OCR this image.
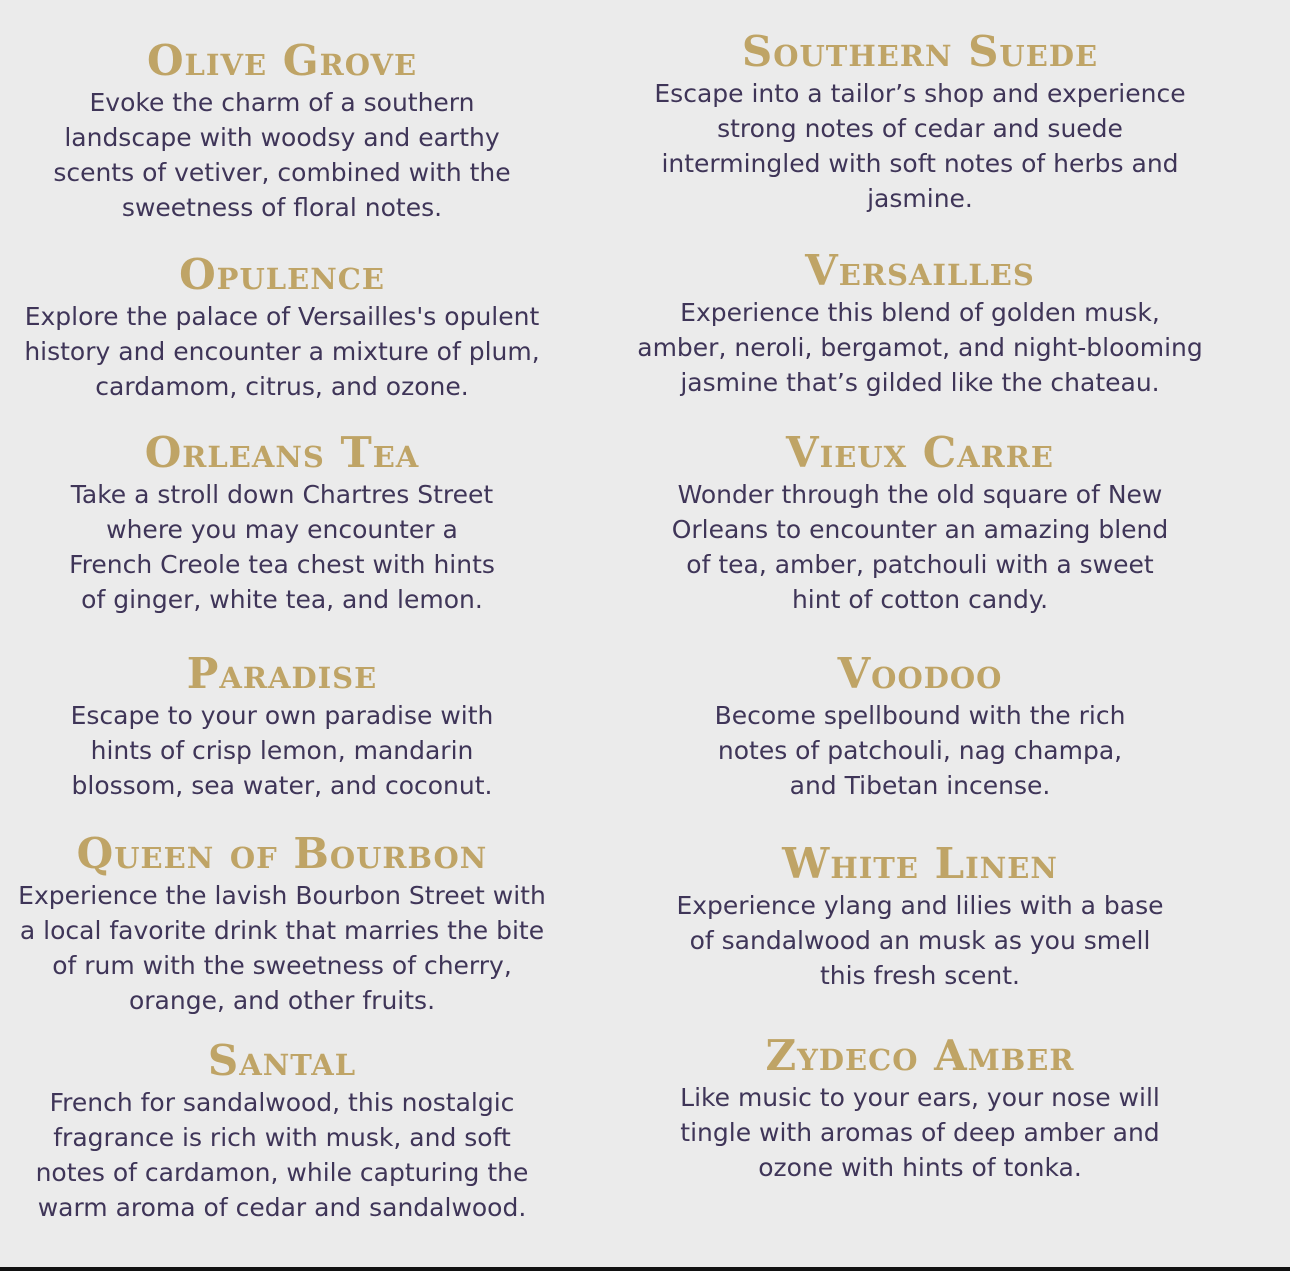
Olive Grove
Evoke the charm of a southern
landscape with woodsy and earthy
scents of vetiver, combined with the
sweetness of floral notes.
Opulence
Explore the palace of Versailles's opulent
history and encounter a mixture of plum,
cardamom, citrus, and ozone.
Orleans Tea
Take a stroll down Chartres Street
where you may encounter a
French Creole tea chest with hints
of ginger, white tea, and lemon.
Paradise
Escape to your own paradise with
hints of crisp lemon, mandarin
blossom, sea water, and coconut.
Queen of Bourbon
Experience the lavish Bourbon Street with
a local favorite drink that marries the bite
of rum with the sweetness of cherry,
orange, and other fruits.
Santal
French for sandalwood, this nostalgic
fragrance is rich with musk, and soft
notes of cardamon, while capturing the
warm aroma of cedar and sandalwood.
Southern Suede
Escape into a tailor’s shop and experience
strong notes of cedar and suede
intermingled with soft notes of herbs and
jasmine.
Versailles
Experience this blend of golden musk,
amber, neroli, bergamot, and night-blooming
jasmine that’s gilded like the chateau.
Vieux Carre
Wonder through the old square of New
Orleans to encounter an amazing blend
of tea, amber, patchouli with a sweet
hint of cotton candy.
Voodoo
Become spellbound with the rich
notes of patchouli, nag champa,
and Tibetan incense.
White Linen
Experience ylang and lilies with a base
of sandalwood an musk as you smell
this fresh scent.
Zydeco Amber
Like music to your ears, your nose will
tingle with aromas of deep amber and
ozone with hints of tonka.
